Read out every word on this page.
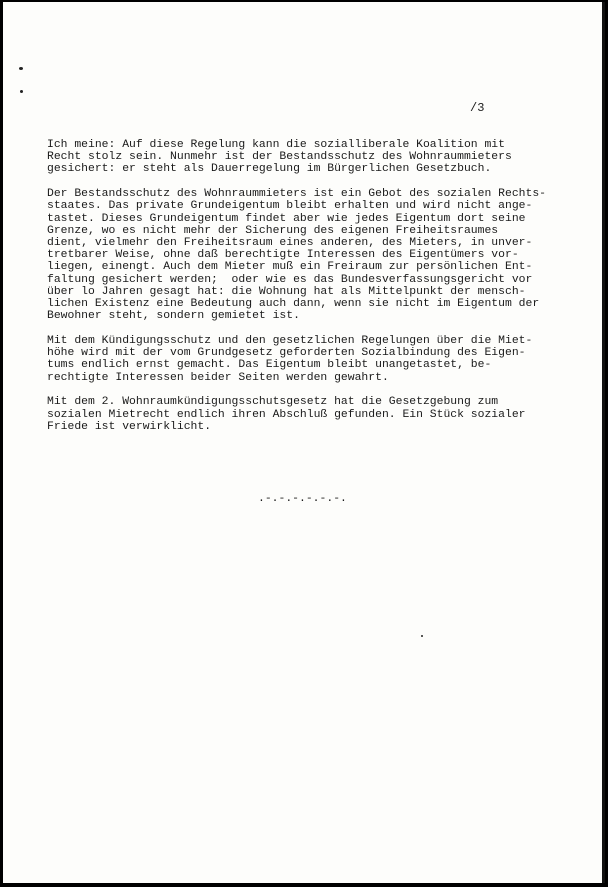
/3
Ich meine: Auf diese Regelung kann die sozialliberale Koalition mit
Recht stolz sein. Nunmehr ist der Bestandsschutz des Wohnraummieters
gesichert: er steht als Dauerregelung im Bürgerlichen Gesetzbuch.
Der Bestandsschutz des Wohnraummieters ist ein Gebot des sozialen Rechts-
staates. Das private Grundeigentum bleibt erhalten und wird nicht ange-
tastet. Dieses Grundeigentum findet aber wie jedes Eigentum dort seine
Grenze, wo es nicht mehr der Sicherung des eigenen Freiheitsraumes
dient, vielmehr den Freiheitsraum eines anderen, des Mieters, in unver-
tretbarer Weise, ohne daß berechtigte Interessen des Eigentümers vor-
liegen, einengt. Auch dem Mieter muß ein Freiraum zur persönlichen Ent-
faltung gesichert werden;  oder wie es das Bundesverfassungsgericht vor
über lo Jahren gesagt hat: die Wohnung hat als Mittelpunkt der mensch-
lichen Existenz eine Bedeutung auch dann, wenn sie nicht im Eigentum der
Bewohner steht, sondern gemietet ist.
Mit dem Kündigungsschutz und den gesetzlichen Regelungen über die Miet-
höhe wird mit der vom Grundgesetz geforderten Sozialbindung des Eigen-
tums endlich ernst gemacht. Das Eigentum bleibt unangetastet, be-
rechtigte Interessen beider Seiten werden gewahrt.
Mit dem 2. Wohnraumkündigungsschutsgesetz hat die Gesetzgebung zum
sozialen Mietrecht endlich ihren Abschluß gefunden. Ein Stück sozialer
Friede ist verwirklicht.
.-.-.-.-.-.-.
